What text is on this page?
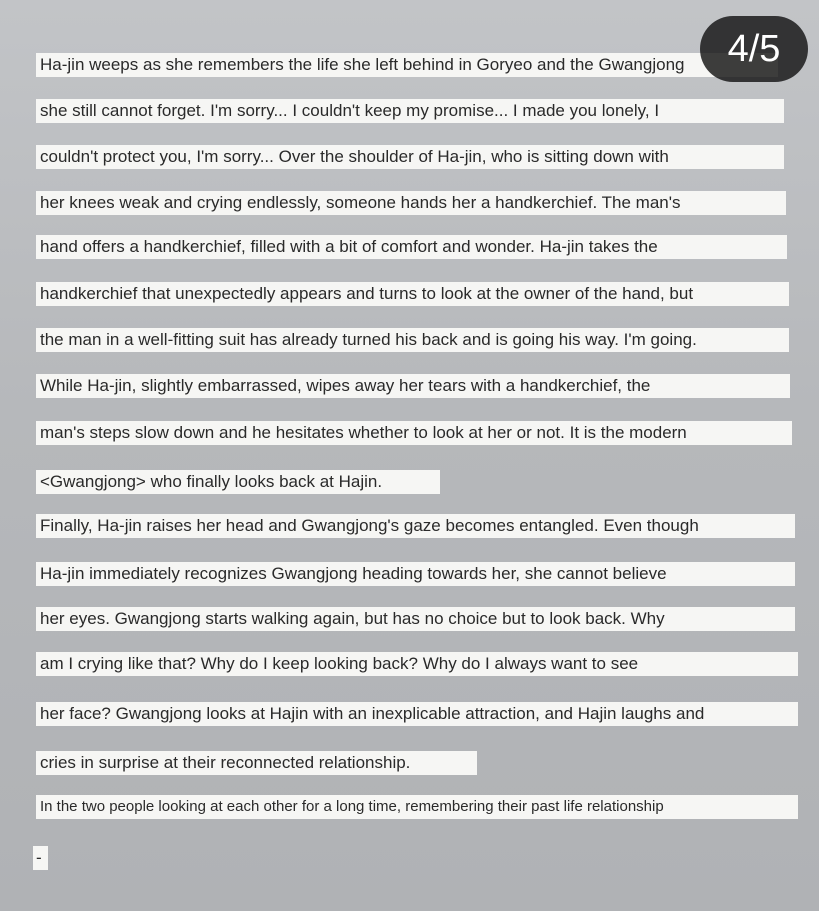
Ha-jin weeps as she remembers the life she left behind in Goryeo and the Gwangjong
she still cannot forget. I'm sorry... I couldn't keep my promise... I made you lonely, I
couldn't protect you, I'm sorry... Over the shoulder of Ha-jin, who is sitting down with
her knees weak and crying endlessly, someone hands her a handkerchief. The man's
hand offers a handkerchief, filled with a bit of comfort and wonder. Ha-jin takes the
handkerchief that unexpectedly appears and turns to look at the owner of the hand, but
the man in a well-fitting suit has already turned his back and is going his way. I'm going.
While Ha-jin, slightly embarrassed, wipes away her tears with a handkerchief, the
man's steps slow down and he hesitates whether to look at her or not. It is the modern
<Gwangjong> who finally looks back at Hajin.
Finally, Ha-jin raises her head and Gwangjong's gaze becomes entangled. Even though
Ha-jin immediately recognizes Gwangjong heading towards her, she cannot believe
her eyes. Gwangjong starts walking again, but has no choice but to look back. Why
am I crying like that? Why do I keep looking back? Why do I always want to see
her face? Gwangjong looks at Hajin with an inexplicable attraction, and Hajin laughs and
cries in surprise at their reconnected relationship.
In the two people looking at each other for a long time, remembering their past life relationship
-
4/5
